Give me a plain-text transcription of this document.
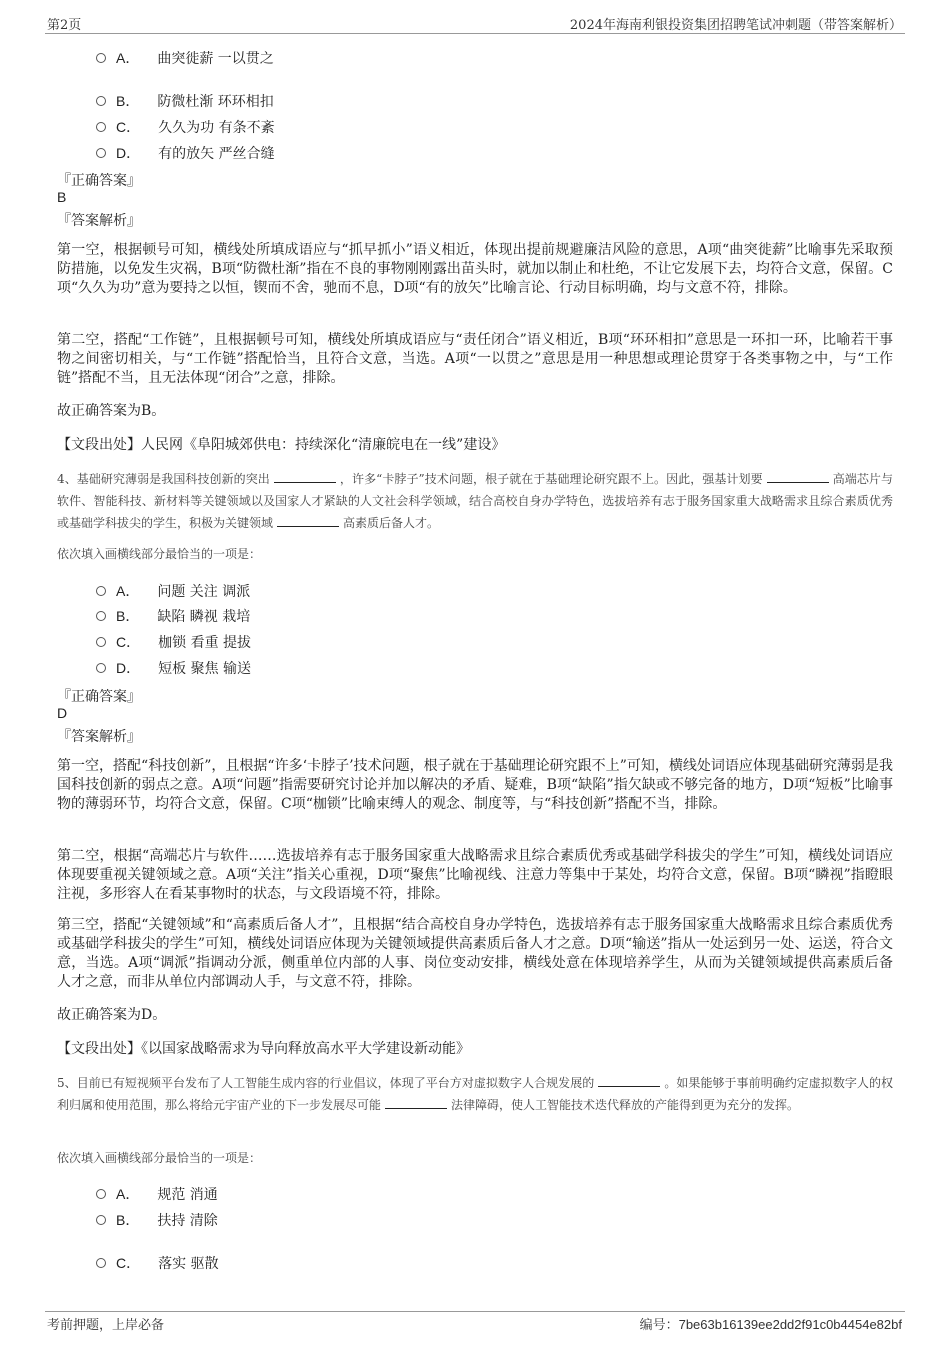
第2页	2024年海南利银投资集团招聘笔试冲刺题（带答案解析）
A． 曲突徙薪 一以贯之
B． 防微杜渐 环环相扣
C． 久久为功 有条不紊
D． 有的放矢 严丝合缝
『正确答案』
B
『答案解析』
第一空，根据顿号可知，横线处所填成语应与“抓早抓小”语义相近，体现出提前规避廉洁风险的意思，A项“曲突徙薪”比喻事先采取预防措施，以免发生灾祸，B项“防微杜渐”指在不良的事物刚刚露出苗头时，就加以制止和杜绝，不让它发展下去，均符合文意，保留。C项“久久为功”意为要持之以恒，锲而不舍，驰而不息，D项“有的放矢”比喻言论、行动目标明确，均与文意不符，排除。
第二空，搭配“工作链”，且根据顿号可知，横线处所填成语应与“责任闭合”语义相近，B项“环环相扣”意思是一环扣一环，比喻若干事物之间密切相关，与“工作链”搭配恰当，且符合文意，当选。A项“一以贯之”意思是用一种思想或理论贯穿于各类事物之中，与“工作链”搭配不当，且无法体现“闭合”之意，排除。
故正确答案为B。
【文段出处】人民网《阜阳城郊供电：持续深化“清廉皖电在一线”建设》
4、基础研究薄弱是我国科技创新的突出	，许多“卡脖子”技术问题，根子就在于基础理论研究跟不上。因此，强基计划要	高端芯片与软件、智能科技、新材料等关键领域以及国家人才紧缺的人文社会科学领域，结合高校自身办学特色，选拔培养有志于服务国家重大战略需求且综合素质优秀或基础学科拔尖的学生，积极为关键领域	高素质后备人才。
依次填入画横线部分最恰当的一项是：
A． 问题 关注 调派
B． 缺陷 瞵视 栽培
C． 枷锁 看重 提拔
D． 短板 聚焦 输送
『正确答案』
D
『答案解析』
第一空，搭配“科技创新”，且根据“许多‘卡脖子’技术问题，根子就在于基础理论研究跟不上”可知，横线处词语应体现基础研究薄弱是我国科技创新的弱点之意。A项“问题”指需要研究讨论并加以解决的矛盾、疑难，B项“缺陷”指欠缺或不够完备的地方，D项“短板”比喻事物的薄弱环节，均符合文意，保留。C项“枷锁”比喻束缚人的观念、制度等，与“科技创新”搭配不当，排除。
第二空，根据“高端芯片与软件……选拔培养有志于服务国家重大战略需求且综合素质优秀或基础学科拔尖的学生”可知，横线处词语应体现要重视关键领域之意。A项“关注”指关心重视，D项“聚焦”比喻视线、注意力等集中于某处，均符合文意，保留。B项“瞵视”指瞪眼注视，多形容人在看某事物时的状态，与文段语境不符，排除。
第三空，搭配“关键领域”和“高素质后备人才”，且根据“结合高校自身办学特色，选拔培养有志于服务国家重大战略需求且综合素质优秀或基础学科拔尖的学生”可知，横线处词语应体现为关键领域提供高素质后备人才之意。D项“输送”指从一处运到另一处、运送，符合文意，当选。A项“调派”指调动分派，侧重单位内部的人事、岗位变动安排，横线处意在体现培养学生，从而为关键领域提供高素质后备人才之意，而非从单位内部调动人手，与文意不符，排除。
故正确答案为D。
【文段出处】《以国家战略需求为导向释放高水平大学建设新动能》
5、目前已有短视频平台发布了人工智能生成内容的行业倡议，体现了平台方对虚拟数字人合规发展的	。如果能够于事前明确约定虚拟数字人的权利归属和使用范围，那么将给元宇宙产业的下一步发展尽可能	法律障碍，使人工智能技术迭代释放的产能得到更为充分的发挥。
依次填入画横线部分最恰当的一项是：
A． 规范 消通
B． 扶持 清除
C． 落实 驱散
考前押题，上岸必备	编号：7be63b16139ee2dd2f91c0b4454e82bf
